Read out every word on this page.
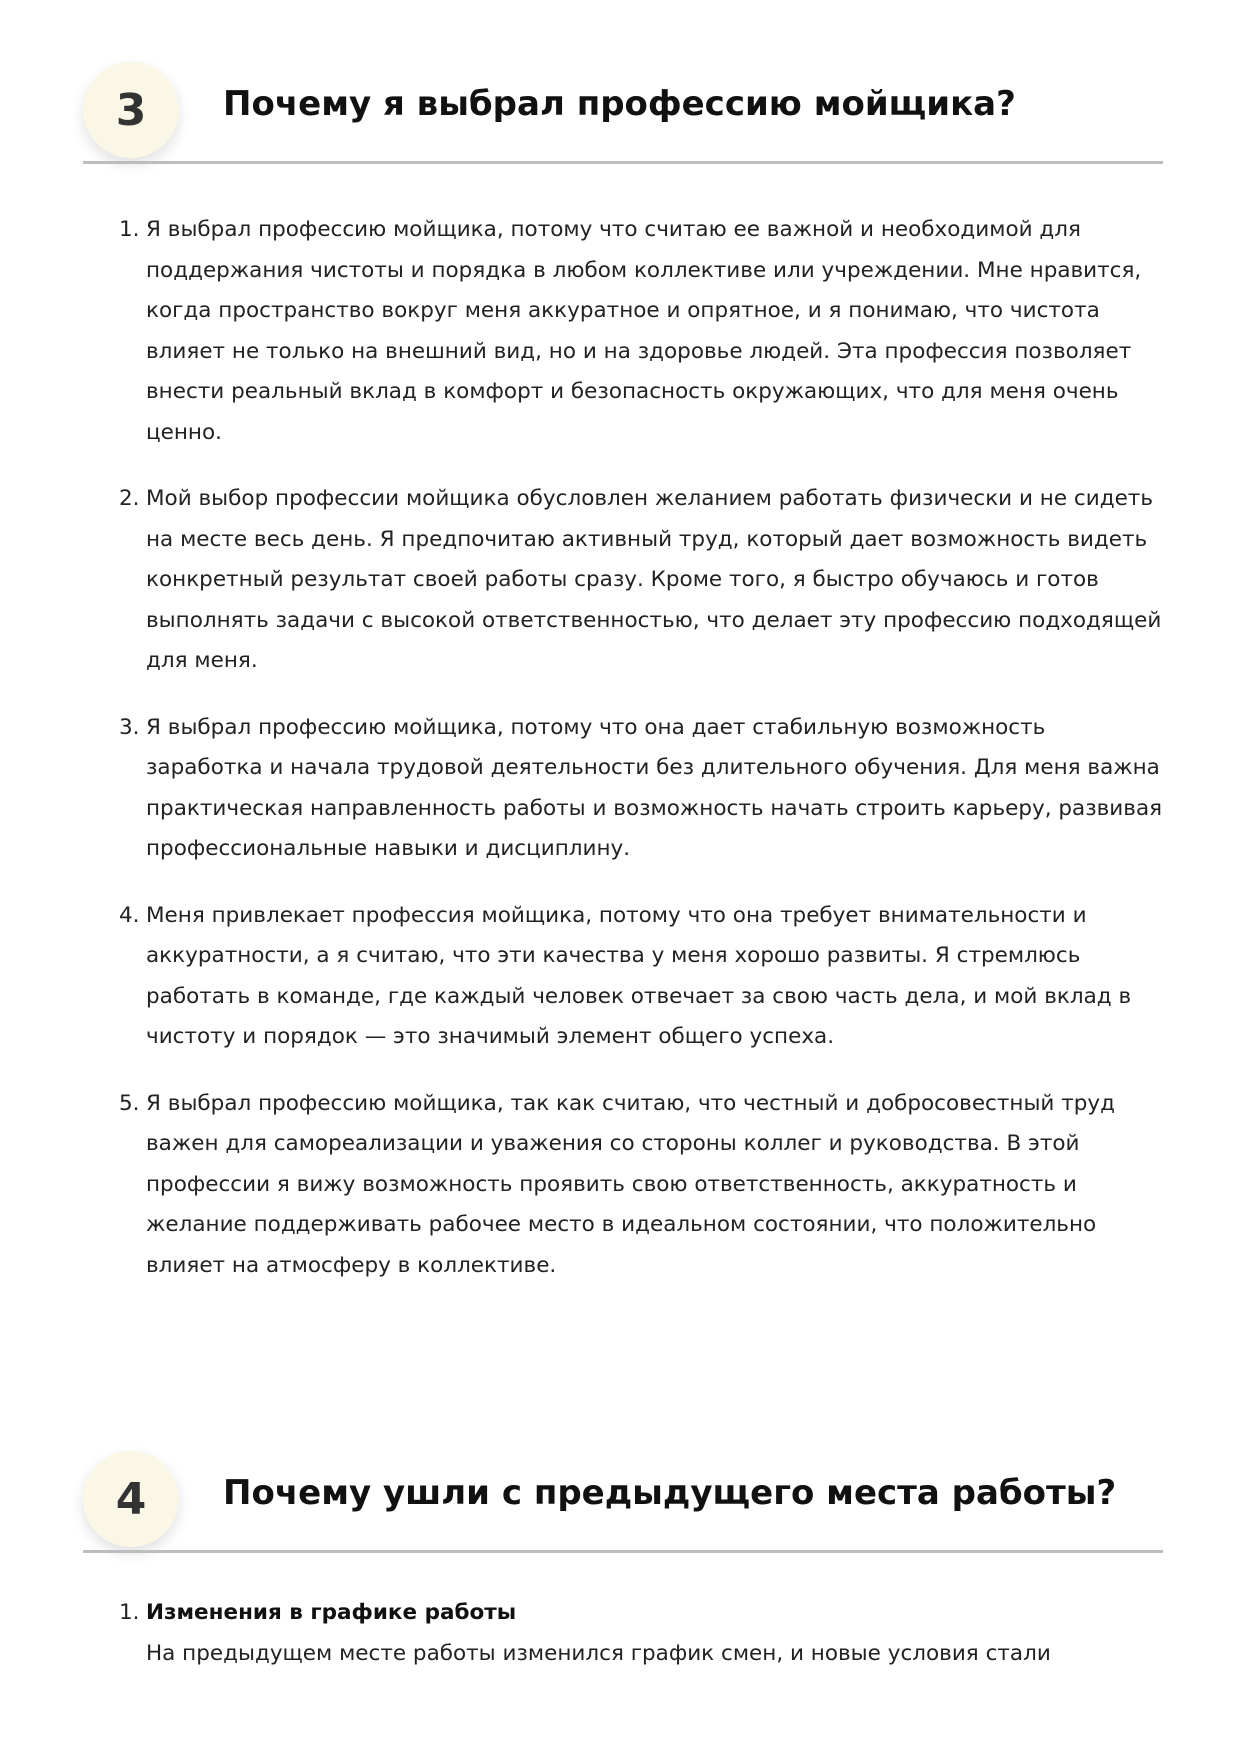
3	Почему я выбрал профессию мойщика?
1. Я выбрал профессию мойщика, потому что считаю ее важной и необходимой для поддержания чистоты и порядка в любом коллективе или учреждении. Мне нравится, когда пространство вокруг меня аккуратное и опрятное, и я понимаю, что чистота влияет не только на внешний вид, но и на здоровье людей. Эта профессия позволяет внести реальный вклад в комфорт и безопасность окружающих, что для меня очень ценно.
2. Мой выбор профессии мойщика обусловлен желанием работать физически и не сидеть на месте весь день. Я предпочитаю активный труд, который дает возможность видеть конкретный результат своей работы сразу. Кроме того, я быстро обучаюсь и готов выполнять задачи с высокой ответственностью, что делает эту профессию подходящей для меня.
3. Я выбрал профессию мойщика, потому что она дает стабильную возможность заработка и начала трудовой деятельности без длительного обучения. Для меня важна практическая направленность работы и возможность начать строить карьеру, развивая профессиональные навыки и дисциплину.
4. Меня привлекает профессия мойщика, потому что она требует внимательности и аккуратности, а я считаю, что эти качества у меня хорошо развиты. Я стремлюсь работать в команде, где каждый человек отвечает за свою часть дела, и мой вклад в чистоту и порядок — это значимый элемент общего успеха.
5. Я выбрал профессию мойщика, так как считаю, что честный и добросовестный труд важен для самореализации и уважения со стороны коллег и руководства. В этой профессии я вижу возможность проявить свою ответственность, аккуратность и желание поддерживать рабочее место в идеальном состоянии, что положительно влияет на атмосферу в коллективе.
4	Почему ушли с предыдущего места работы?
1. Изменения в графике работы
На предыдущем месте работы изменился график смен, и новые условия стали
